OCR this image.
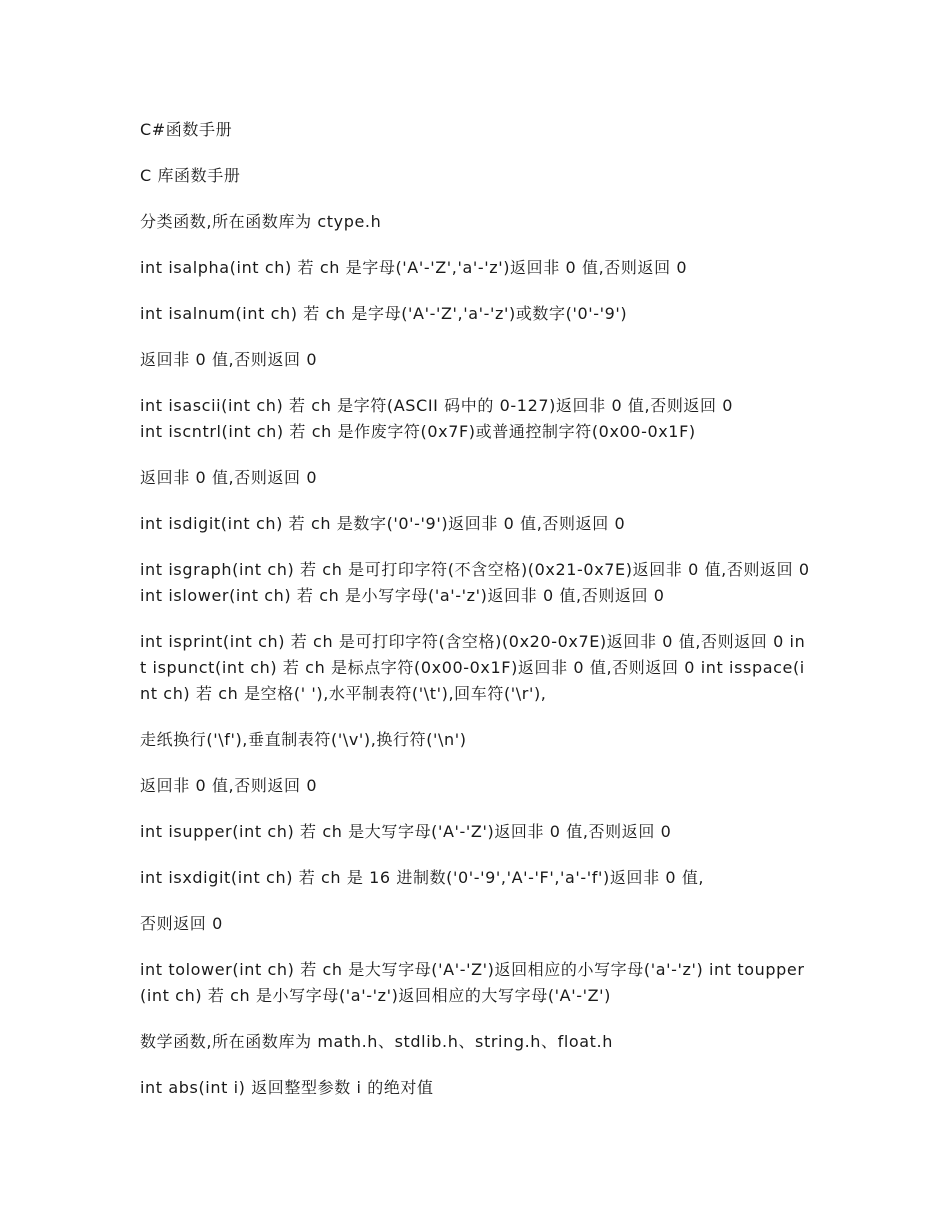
C#函数手册

C 库函数手册

分类函数,所在函数库为 ctype.h

int isalpha(int ch) 若 ch 是字母('A'-'Z','a'-'z')返回非 0 值,否则返回 0

int isalnum(int ch) 若 ch 是字母('A'-'Z','a'-'z')或数字('0'-'9')

返回非 0 值,否则返回 0

int isascii(int ch) 若 ch 是字符(ASCII 码中的 0-127)返回非 0 值,否则返回 0

int iscntrl(int ch) 若 ch 是作废字符(0x7F)或普通控制字符(0x00-0x1F)

返回非 0 值,否则返回 0

int isdigit(int ch) 若 ch 是数字('0'-'9')返回非 0 值,否则返回 0

int isgraph(int ch) 若 ch 是可打印字符(不含空格)(0x21-0x7E)返回非 0 值,否则返回 0 int islower(int ch) 若 ch 是小写字母('a'-'z')返回非 0 值,否则返回 0

int isprint(int ch) 若 ch 是可打印字符(含空格)(0x20-0x7E)返回非 0 值,否则返回 0 int ispunct(int ch) 若 ch 是标点字符(0x00-0x1F)返回非 0 值,否则返回 0 int isspace(int ch) 若 ch 是空格(' '),水平制表符('\t'),回车符('\r'),

走纸换行('\f'),垂直制表符('\v'),换行符('\n')

返回非 0 值,否则返回 0

int isupper(int ch) 若 ch 是大写字母('A'-'Z')返回非 0 值,否则返回 0

int isxdigit(int ch) 若 ch 是 16 进制数('0'-'9','A'-'F','a'-'f')返回非 0 值,

否则返回 0

int tolower(int ch) 若 ch 是大写字母('A'-'Z')返回相应的小写字母('a'-'z') int toupper(int ch) 若 ch 是小写字母('a'-'z')返回相应的大写字母('A'-'Z')

数学函数,所在函数库为 math.h、stdlib.h、string.h、float.h

int abs(int i) 返回整型参数 i 的绝对值
